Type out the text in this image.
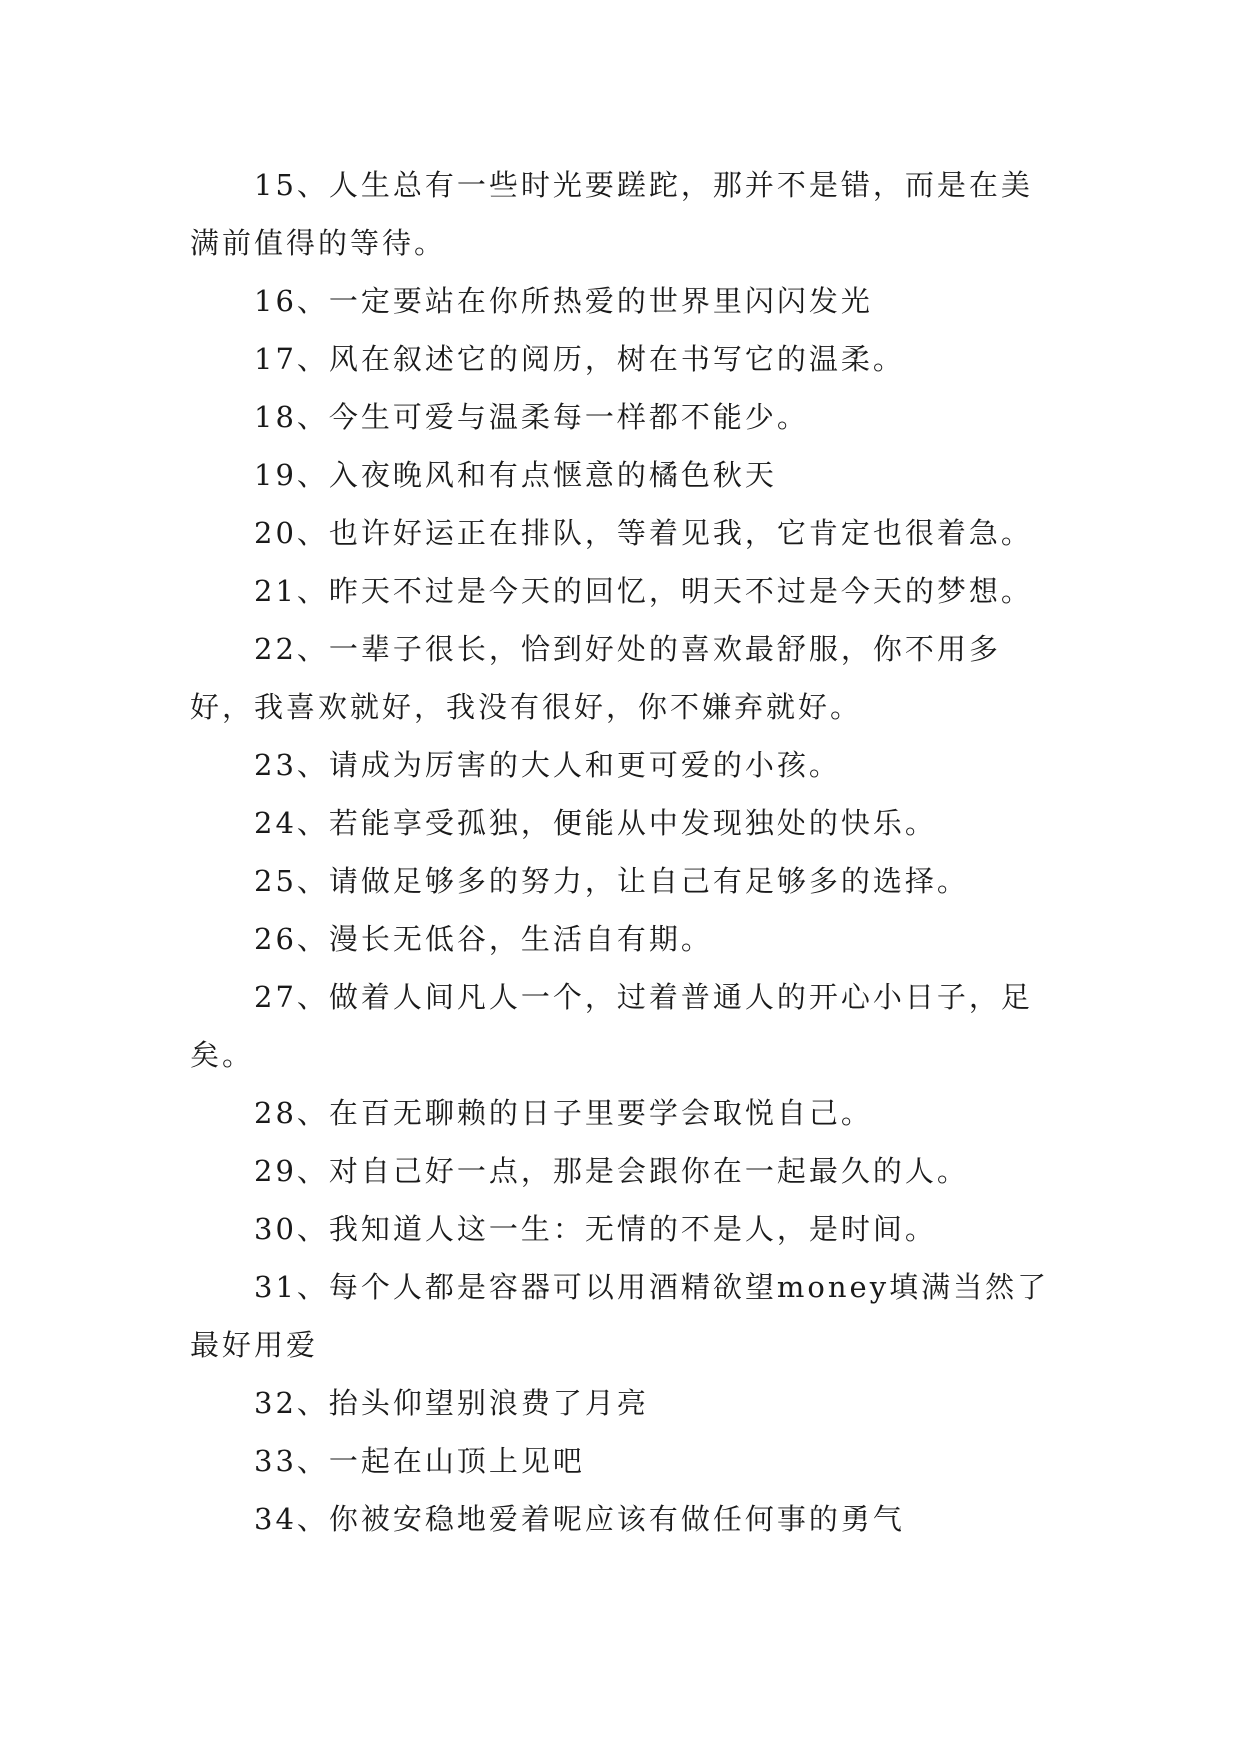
15、人生总有一些时光要蹉跎，那并不是错，而是在美满前值得的等待。

16、一定要站在你所热爱的世界里闪闪发光

17、风在叙述它的阅历，树在书写它的温柔。

18、今生可爱与温柔每一样都不能少。

19、入夜晚风和有点惬意的橘色秋天

20、也许好运正在排队，等着见我，它肯定也很着急。

21、昨天不过是今天的回忆，明天不过是今天的梦想。

22、一辈子很长，恰到好处的喜欢最舒服，你不用多好，我喜欢就好，我没有很好，你不嫌弃就好。

23、请成为厉害的大人和更可爱的小孩。

24、若能享受孤独，便能从中发现独处的快乐。

25、请做足够多的努力，让自己有足够多的选择。

26、漫长无低谷，生活自有期。

27、做着人间凡人一个，过着普通人的开心小日子，足矣。

28、在百无聊赖的日子里要学会取悦自己。

29、对自己好一点，那是会跟你在一起最久的人。

30、我知道人这一生：无情的不是人，是时间。

31、每个人都是容器可以用酒精欲望money填满当然了最好用爱

32、抬头仰望别浪费了月亮

33、一起在山顶上见吧

34、你被安稳地爱着呢应该有做任何事的勇气
